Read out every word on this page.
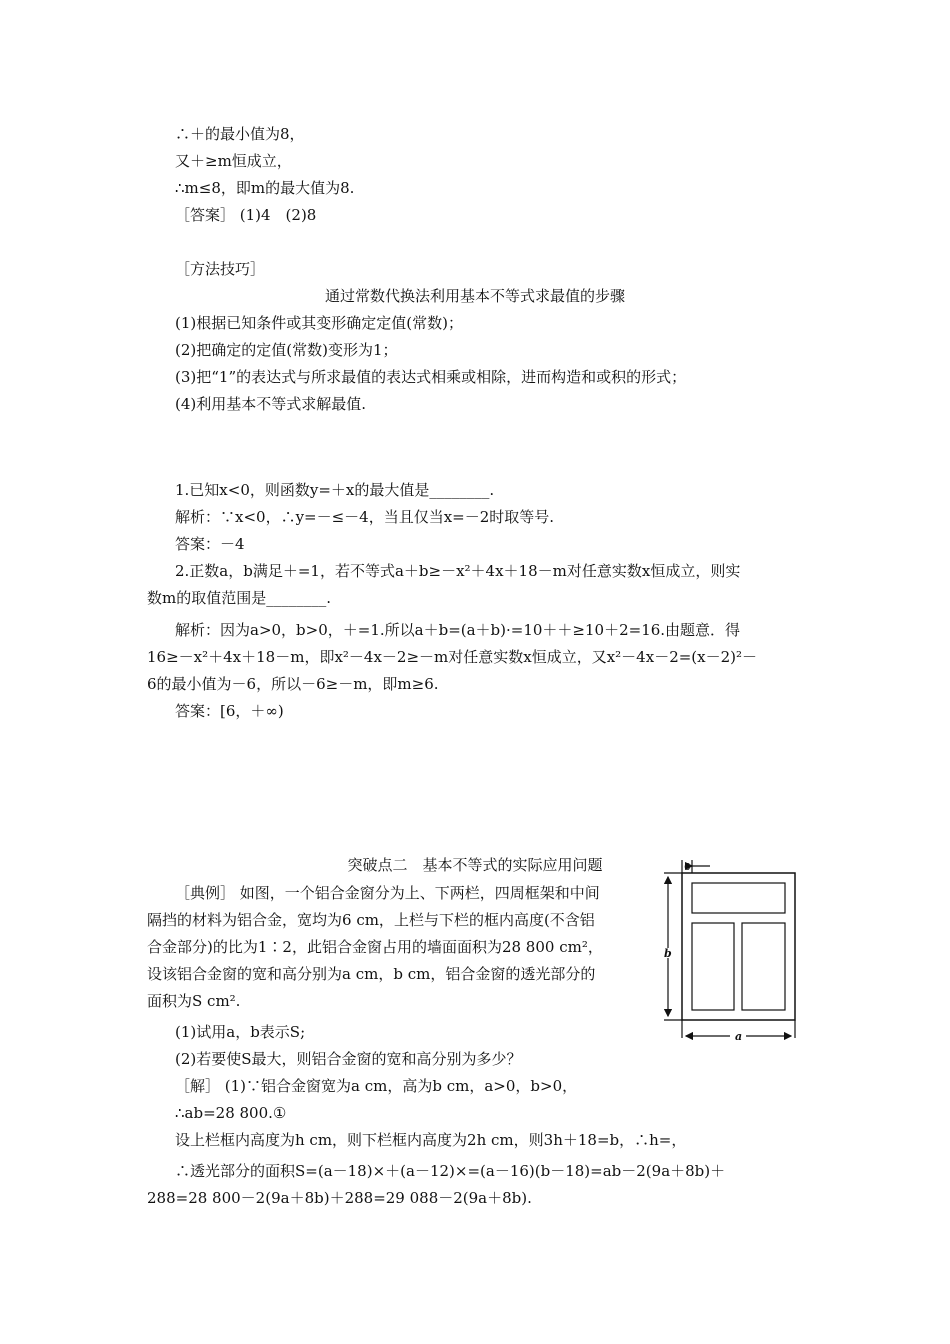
∴＋的最小值为8，
又＋≥m恒成立，
∴m≤8，即m的最大值为8.
［答案］ (1)4　(2)8
［方法技巧］
通过常数代换法利用基本不等式求最值的步骤
(1)根据已知条件或其变形确定定值(常数)；
(2)把确定的定值(常数)变形为1；
(3)把“1”的表达式与所求最值的表达式相乘或相除，进而构造和或积的形式；
(4)利用基本不等式求解最值.
1.已知x<0，则函数y=＋x的最大值是________.
解析：∵x<0，∴y=－≤－4，当且仅当x=－2时取等号.
答案：－4
2.正数a，b满足＋=1，若不等式a＋b≥－x²＋4x＋18－m对任意实数x恒成立，则实
数m的取值范围是________.
解析：因为a>0，b>0，＋=1.所以a＋b=(a＋b)·=10＋＋≥10＋2=16.由题意．得
16≥－x²＋4x＋18－m，即x²－4x－2≥－m对任意实数x恒成立，又x²－4x－2=(x－2)²－
6的最小值为－6，所以－6≥－m，即m≥6.
答案：[6，＋∞)
突破点二　基本不等式的实际应用问题
［典例］ 如图，一个铝合金窗分为上、下两栏，四周框架和中间
隔挡的材料为铝合金，宽均为6 cm，上栏与下栏的框内高度(不含铝
合金部分)的比为1∶2，此铝合金窗占用的墙面面积为28 800 cm²，
设该铝合金窗的宽和高分别为a cm，b cm，铝合金窗的透光部分的
面积为S cm².
(1)试用a，b表示S;
(2)若要使S最大，则铝合金窗的宽和高分别为多少？
［解］ (1)∵铝合金窗宽为a cm，高为b cm，a>0，b>0，
∴ab=28 800.①
设上栏框内高度为h cm，则下栏框内高度为2h cm，则3h＋18=b，∴h=，
∴透光部分的面积S=(a－18)×＋(a－12)×=(a－16)(b－18)=ab－2(9a＋8b)＋
288=28 800－2(9a＋8b)＋288=29 088－2(9a＋8b).
6
b
a
